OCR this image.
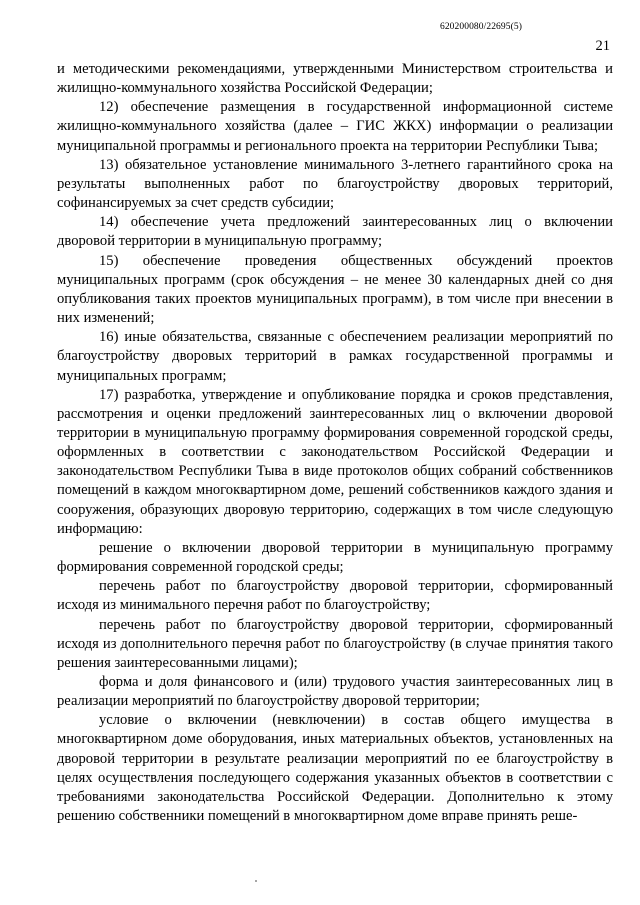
620200080/22695(5)
21

и методическими рекомендациями, утвержденными Министерством строительства и жилищно-коммунального хозяйства Российской Федерации;

12) обеспечение размещения в государственной информационной системе жилищно-коммунального хозяйства (далее – ГИС ЖКХ) информации о реализации муниципальной программы и регионального проекта на территории Республики Тыва;

13) обязательное установление минимального 3-летнего гарантийного срока на результаты выполненных работ по благоустройству дворовых территорий, софинансируемых за счет средств субсидии;

14) обеспечение учета предложений заинтересованных лиц о включении дворовой территории в муниципальную программу;

15) обеспечение проведения общественных обсуждений проектов муниципальных программ (срок обсуждения – не менее 30 календарных дней со дня опубликования таких проектов муниципальных программ), в том числе при внесении в них изменений;

16) иные обязательства, связанные с обеспечением реализации мероприятий по благоустройству дворовых территорий в рамках государственной программы и муниципальных программ;

17) разработка, утверждение и опубликование порядка и сроков представления, рассмотрения и оценки предложений заинтересованных лиц о включении дворовой территории в муниципальную программу формирования современной городской среды, оформленных в соответствии с законодательством Российской Федерации и законодательством Республики Тыва в виде протоколов общих собраний собственников помещений в каждом многоквартирном доме, решений собственников каждого здания и сооружения, образующих дворовую территорию, содержащих в том числе следующую информацию:

решение о включении дворовой территории в муниципальную программу формирования современной городской среды;

перечень работ по благоустройству дворовой территории, сформированный исходя из минимального перечня работ по благоустройству;

перечень работ по благоустройству дворовой территории, сформированный исходя из дополнительного перечня работ по благоустройству (в случае принятия такого решения заинтересованными лицами);

форма и доля финансового и (или) трудового участия заинтересованных лиц в реализации мероприятий по благоустройству дворовой территории;

условие о включении (невключении) в состав общего имущества в многоквартирном доме оборудования, иных материальных объектов, установленных на дворовой территории в результате реализации мероприятий по ее благоустройству в целях осуществления последующего содержания указанных объектов в соответствии с требованиями законодательства Российской Федерации. Дополнительно к этому решению собственники помещений в многоквартирном доме вправе принять реше-
